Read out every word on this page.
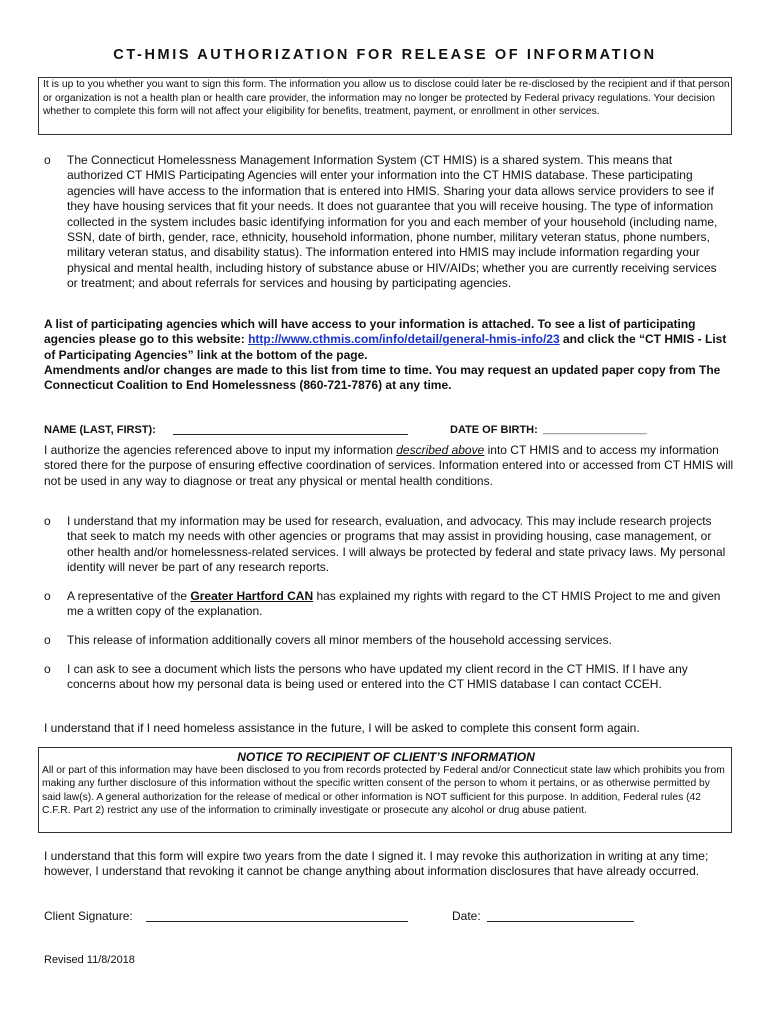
CT-HMIS AUTHORIZATION FOR RELEASE OF INFORMATION
It is up to you whether you want to sign this form. The information you allow us to disclose could later be re-disclosed by the recipient and if that person or organization is not a health plan or health care provider, the information may no longer be protected by Federal privacy regulations. Your decision whether to complete this form will not affect your eligibility for benefits, treatment, payment, or enrollment in other services.
o The Connecticut Homelessness Management Information System (CT HMIS) is a shared system. This means that authorized CT HMIS Participating Agencies will enter your information into the CT HMIS database. These participating agencies will have access to the information that is entered into HMIS. Sharing your data allows service providers to see if they have housing services that fit your needs. It does not guarantee that you will receive housing. The type of information collected in the system includes basic identifying information for you and each member of your household (including name, SSN, date of birth, gender, race, ethnicity, household information, phone number, military veteran status, phone numbers, military veteran status, and disability status). The information entered into HMIS may include information regarding your physical and mental health, including history of substance abuse or HIV/AIDs; whether you are currently receiving services or treatment; and about referrals for services and housing by participating agencies.
A list of participating agencies which will have access to your information is attached. To see a list of participating agencies please go to this website: http://www.cthmis.com/info/detail/general-hmis-info/23 and click the “CT HMIS - List of Participating Agencies” link at the bottom of the page.
Amendments and/or changes are made to this list from time to time. You may request an updated paper copy from The Connecticut Coalition to End Homelessness (860-721-7876) at any time.
NAME (LAST, FIRST):	DATE OF BIRTH: _________________
I authorize the agencies referenced above to input my information described above into CT HMIS and to access my information stored there for the purpose of ensuring effective coordination of services. Information entered into or accessed from CT HMIS will not be used in any way to diagnose or treat any physical or mental health conditions.
o I understand that my information may be used for research, evaluation, and advocacy. This may include research projects that seek to match my needs with other agencies or programs that may assist in providing housing, case management, or other health and/or homelessness-related services. I will always be protected by federal and state privacy laws. My personal identity will never be part of any research reports.
o A representative of the Greater Hartford CAN has explained my rights with regard to the CT HMIS Project to me and given me a written copy of the explanation.
o This release of information additionally covers all minor members of the household accessing services.
o I can ask to see a document which lists the persons who have updated my client record in the CT HMIS. If I have any concerns about how my personal data is being used or entered into the CT HMIS database I can contact CCEH.
I understand that if I need homeless assistance in the future, I will be asked to complete this consent form again.
NOTICE TO RECIPIENT OF CLIENT’S INFORMATION
All or part of this information may have been disclosed to you from records protected by Federal and/or Connecticut state law which prohibits you from making any further disclosure of this information without the specific written consent of the person to whom it pertains, or as otherwise permitted by said law(s). A general authorization for the release of medical or other information is NOT sufficient for this purpose. In addition, Federal rules (42 C.F.R. Part 2) restrict any use of the information to criminally investigate or prosecute any alcohol or drug abuse patient.
I understand that this form will expire two years from the date I signed it. I may revoke this authorization in writing at any time; however, I understand that revoking it cannot be change anything about information disclosures that have already occurred.
Client Signature:	Date:
Revised 11/8/2018
